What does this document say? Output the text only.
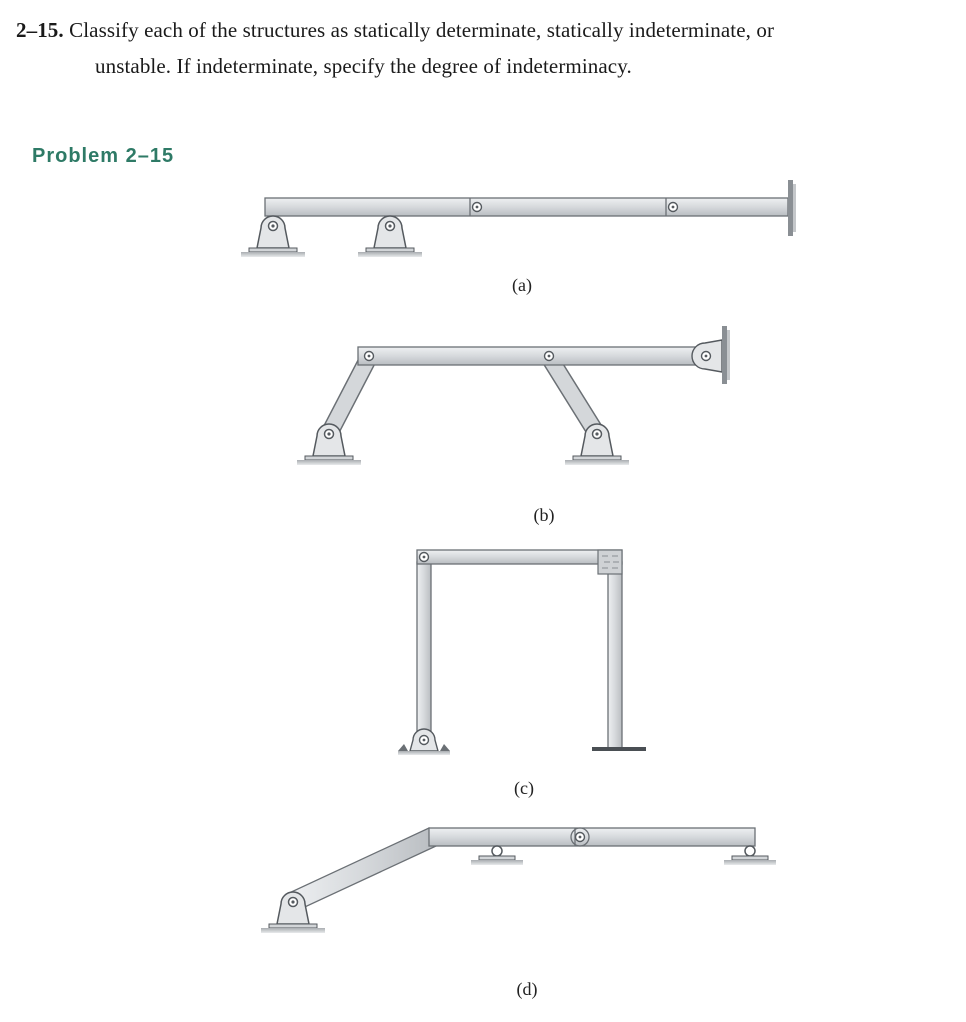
2–15. Classify each of the structures as statically determinate, statically indeterminate, or
unstable. If indeterminate, specify the degree of indeterminacy.
Problem 2–15
(a)
(b)
(c)
(d)
